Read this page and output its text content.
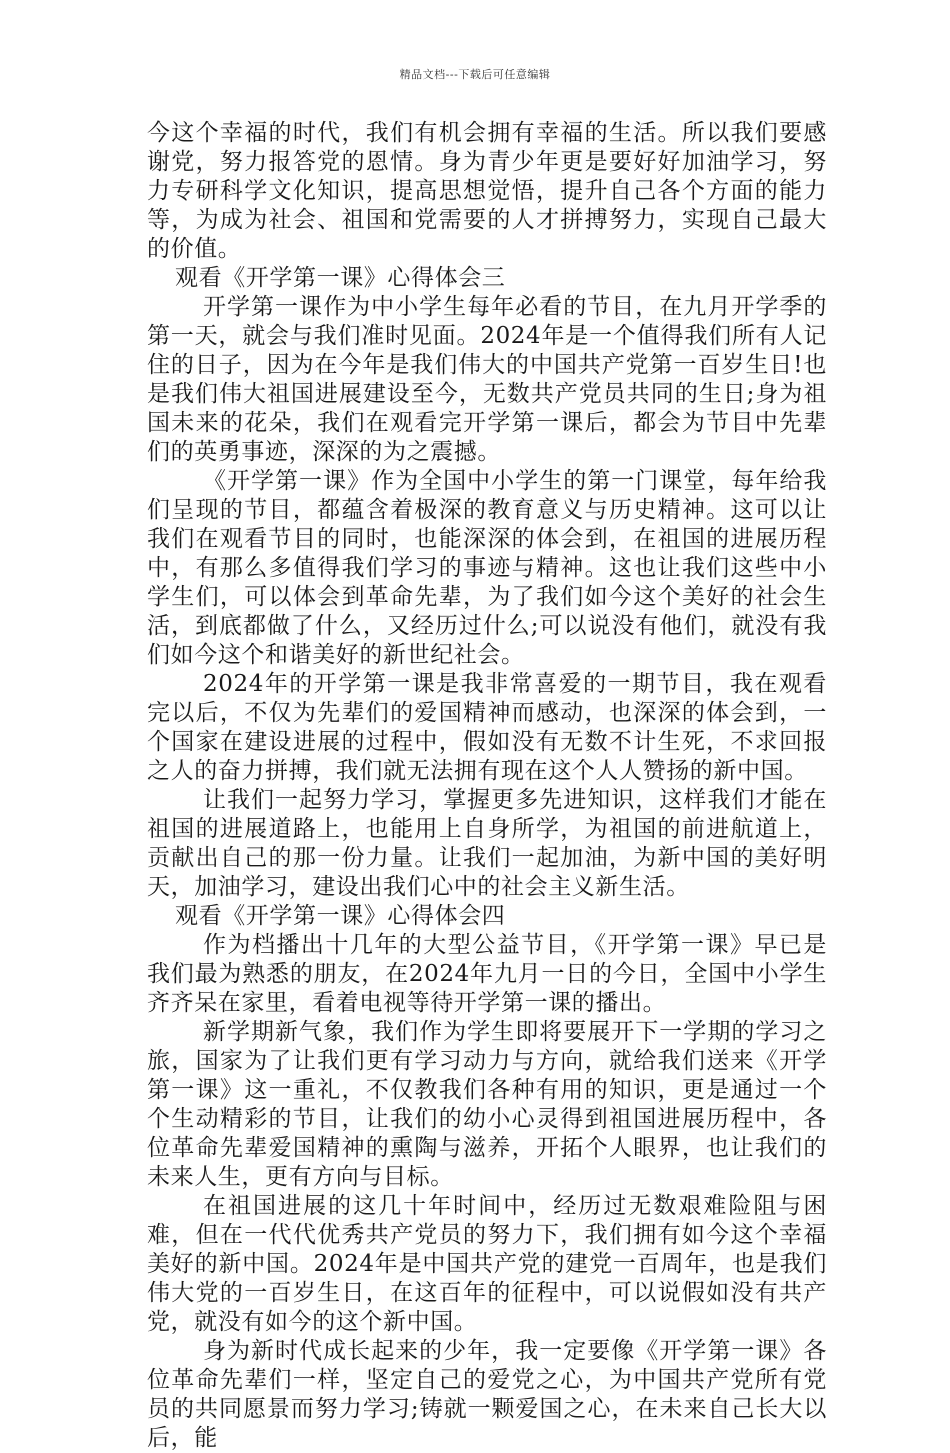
精品文档---下载后可任意编辑

今这个幸福的时代，我们有机会拥有幸福的生活。所以我们要感谢党，努力报答党的恩情。身为青少年更是要好好加油学习，努力专研科学文化知识，提高思想觉悟，提升自己各个方面的能力等，为成为社会、祖国和党需要的人才拼搏努力，实现自己最大的价值。

观看《开学第一课》心得体会三

开学第一课作为中小学生每年必看的节目，在九月开学季的第一天，就会与我们准时见面。2024年是一个值得我们所有人记住的日子，因为在今年是我们伟大的中国共产党第一百岁生日!也是我们伟大祖国进展建设至今，无数共产党员共同的生日;身为祖国未来的花朵，我们在观看完开学第一课后，都会为节目中先辈们的英勇事迹，深深的为之震撼。

《开学第一课》作为全国中小学生的第一门课堂，每年给我们呈现的节目，都蕴含着极深的教育意义与历史精神。这可以让我们在观看节目的同时，也能深深的体会到，在祖国的进展历程中，有那么多值得我们学习的事迹与精神。这也让我们这些中小学生们，可以体会到革命先辈，为了我们如今这个美好的社会生活，到底都做了什么，又经历过什么;可以说没有他们，就没有我们如今这个和谐美好的新世纪社会。

2024年的开学第一课是我非常喜爱的一期节目，我在观看完以后，不仅为先辈们的爱国精神而感动，也深深的体会到，一个国家在建设进展的过程中，假如没有无数不计生死，不求回报之人的奋力拼搏，我们就无法拥有现在这个人人赞扬的新中国。

让我们一起努力学习，掌握更多先进知识，这样我们才能在祖国的进展道路上，也能用上自身所学，为祖国的前进航道上，贡献出自己的那一份力量。让我们一起加油，为新中国的美好明天，加油学习，建设出我们心中的社会主义新生活。

观看《开学第一课》心得体会四

作为档播出十几年的大型公益节目，《开学第一课》早已是我们最为熟悉的朋友，在2024年九月一日的今日，全国中小学生齐齐呆在家里，看着电视等待开学第一课的播出。

新学期新气象，我们作为学生即将要展开下一学期的学习之旅，国家为了让我们更有学习动力与方向，就给我们送来《开学第一课》这一重礼，不仅教我们各种有用的知识，更是通过一个个生动精彩的节目，让我们的幼小心灵得到祖国进展历程中，各位革命先辈爱国精神的熏陶与滋养，开拓个人眼界，也让我们的未来人生，更有方向与目标。

在祖国进展的这几十年时间中，经历过无数艰难险阻与困难，但在一代代优秀共产党员的努力下，我们拥有如今这个幸福美好的新中国。2024年是中国共产党的建党一百周年，也是我们伟大党的一百岁生日，在这百年的征程中，可以说假如没有共产党，就没有如今的这个新中国。

身为新时代成长起来的少年，我一定要像《开学第一课》各位革命先辈们一样，坚定自己的爱党之心，为中国共产党所有党员的共同愿景而努力学习;铸就一颗爱国之心，在未来自己长大以后，能
